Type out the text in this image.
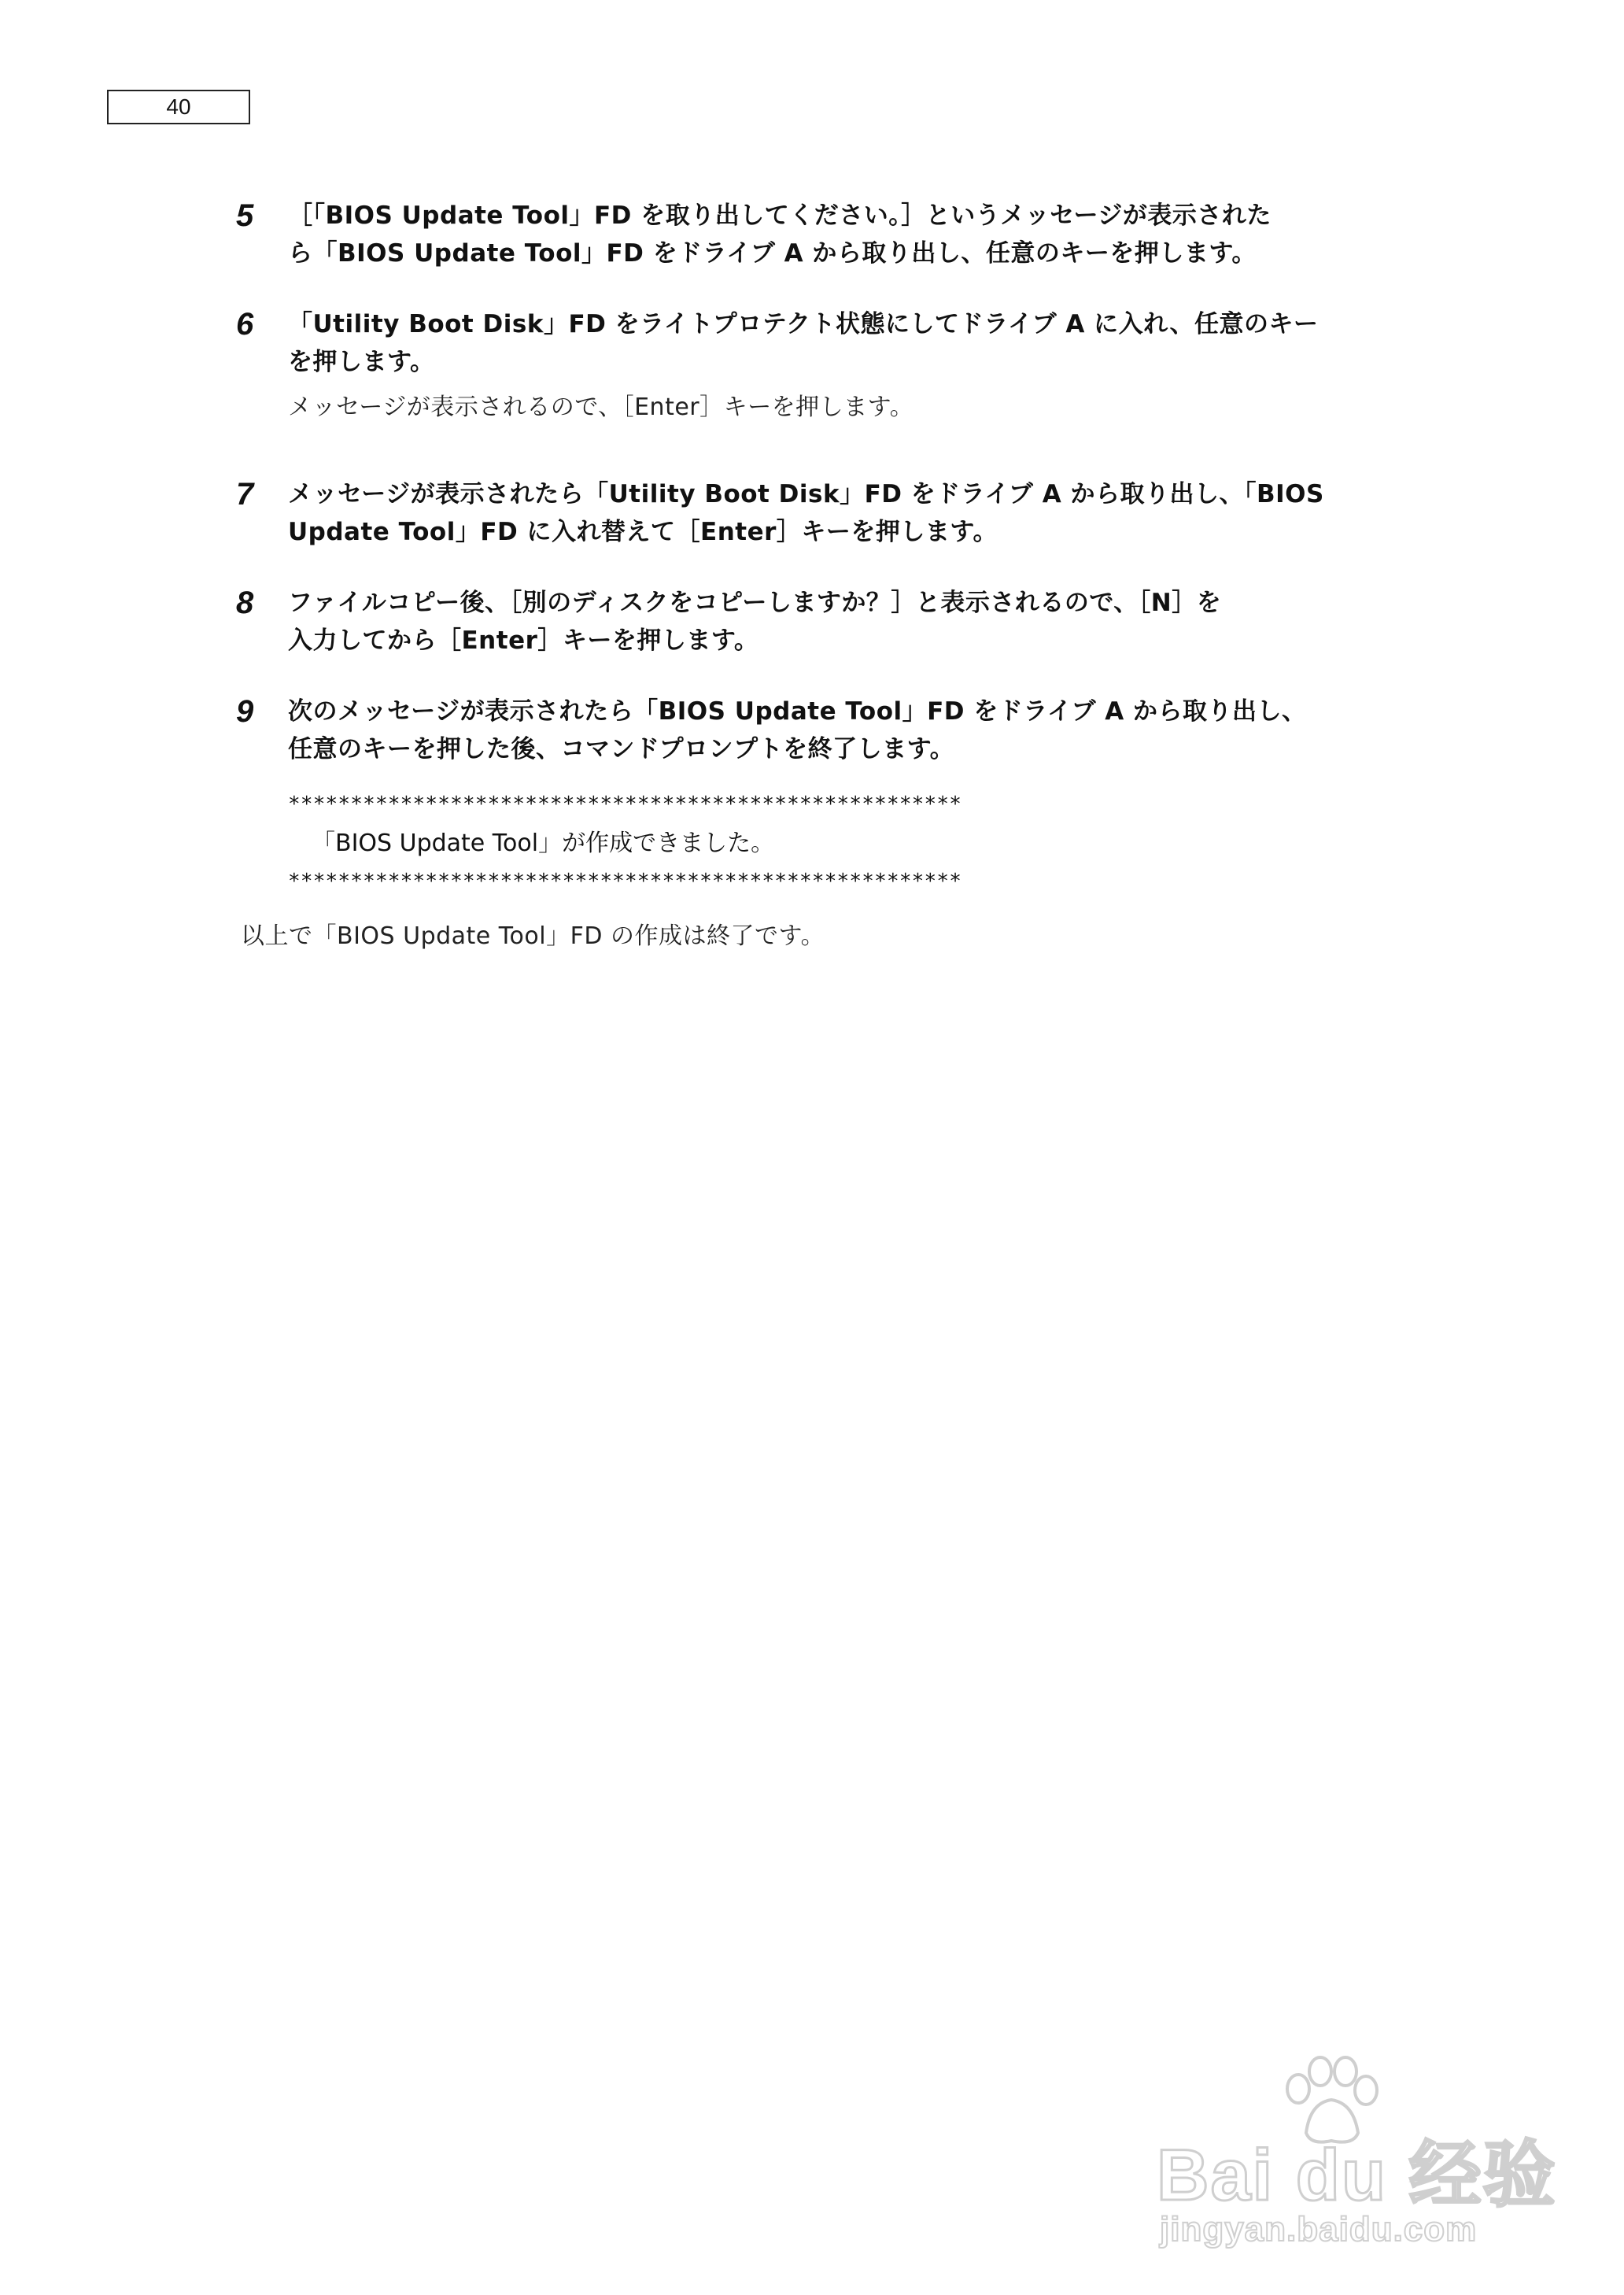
40
5 ［「BIOS Update Tool」FD を取り出してください。］というメッセージが表示された
ら「BIOS Update Tool」FD をドライブ A から取り出し、任意のキーを押します。
6 「Utility Boot Disk」FD をライトプロテクト状態にしてドライブ A に入れ、任意のキー
を押します。
メッセージが表示されるので、［Enter］キーを押します。
7 メッセージが表示されたら「Utility Boot Disk」FD をドライブ A から取り出し、「BIOS
Update Tool」FD に入れ替えて［Enter］キーを押します。
8 ファイルコピー後、［別のディスクをコピーしますか？］と表示されるので、［N］を
入力してから［Enter］キーを押します。
9 次のメッセージが表示されたら「BIOS Update Tool」FD をドライブ A から取り出し、
任意のキーを押した後、コマンドプロンプトを終了します。
******************************************************
「BIOS Update Tool」が作成できました。
******************************************************
以上で「BIOS Update Tool」FD の作成は終了です。
Bai du 经验
jingyan.baidu.com
